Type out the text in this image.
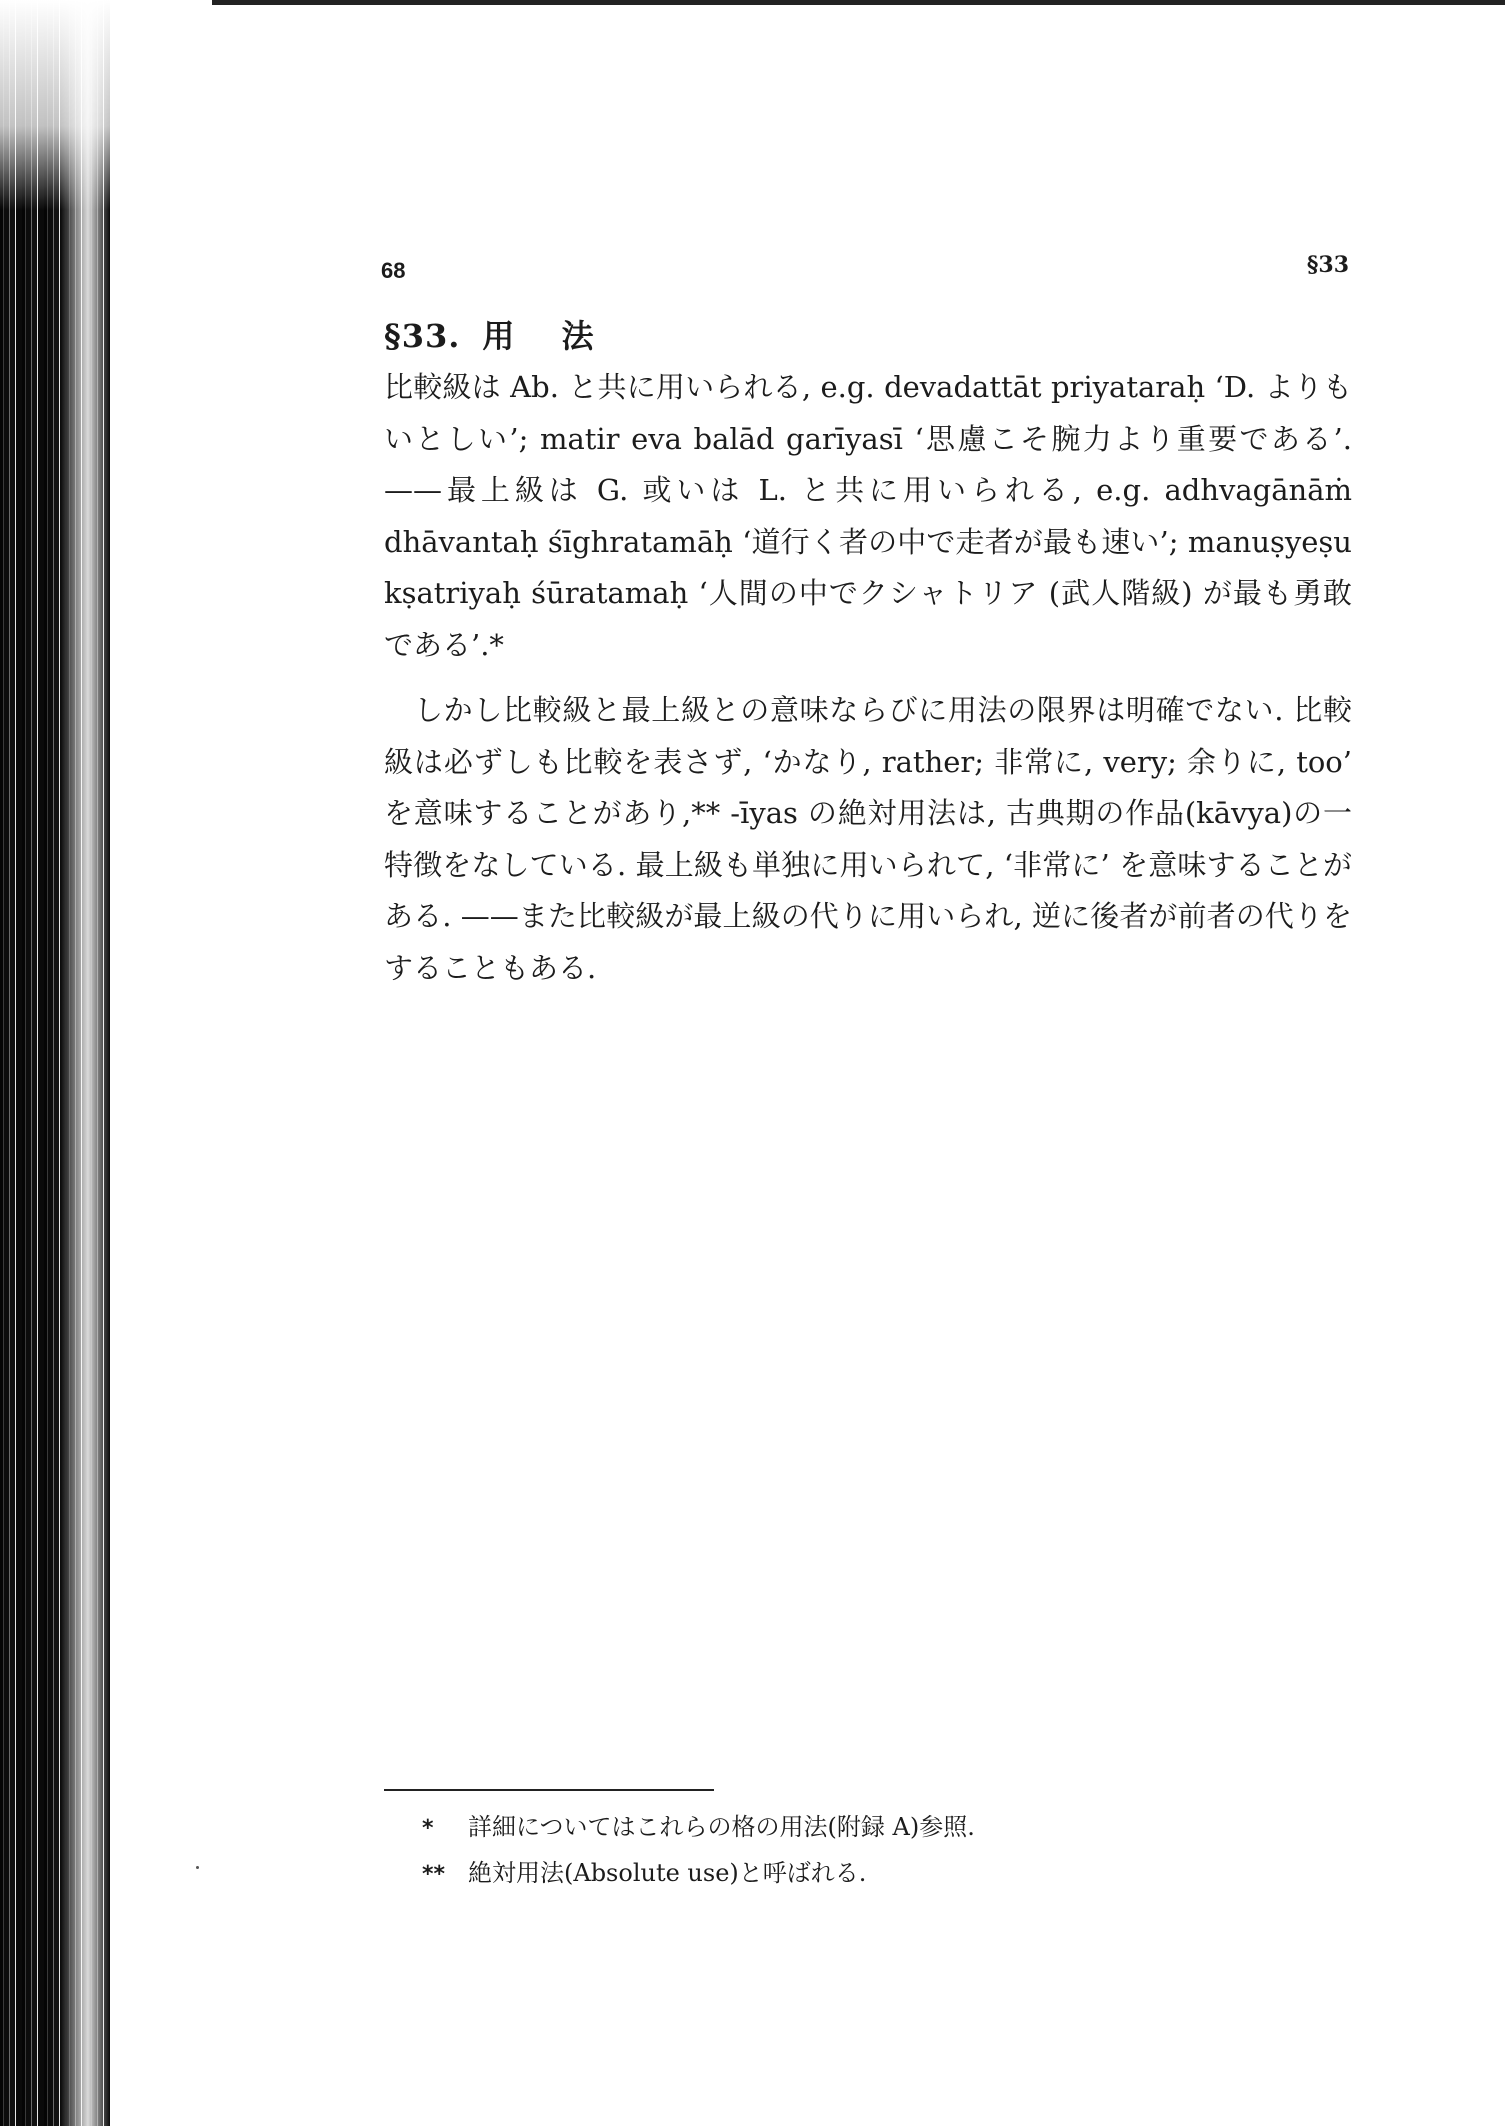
68	§33
§33. 用 法

比較級は Ab. と共に用いられる, e.g. devadattāt priyataraḥ ‘D. よりもいとしい’; matir eva balād garīyasī ‘思慮こそ腕力より重要である’. ——最上級は G. 或いは L. と共に用いられる, e.g. adhvagānāṁ dhāvantaḥ śīghratamāḥ ‘道行く者の中で走者が最も速い’; manuṣyeṣu kṣatriyaḥ śūratamaḥ ‘人間の中でクシャトリア (武人階級) が最も勇敢である’.*

しかし比較級と最上級との意味ならびに用法の限界は明確でない. 比較級は必ずしも比較を表さず, ‘かなり, rather; 非常に, very; 余りに, too’ を意味することがあり,** -īyas の絶対用法は, 古典期の作品(kāvya)の一特徴をなしている. 最上級も単独に用いられて, ‘非常に’ を意味することがある. ——また比較級が最上級の代りに用いられ, 逆に後者が前者の代りをすることもある.

* 詳細についてはこれらの格の用法(附録 A)参照.
** 絶対用法(Absolute use)と呼ばれる.
